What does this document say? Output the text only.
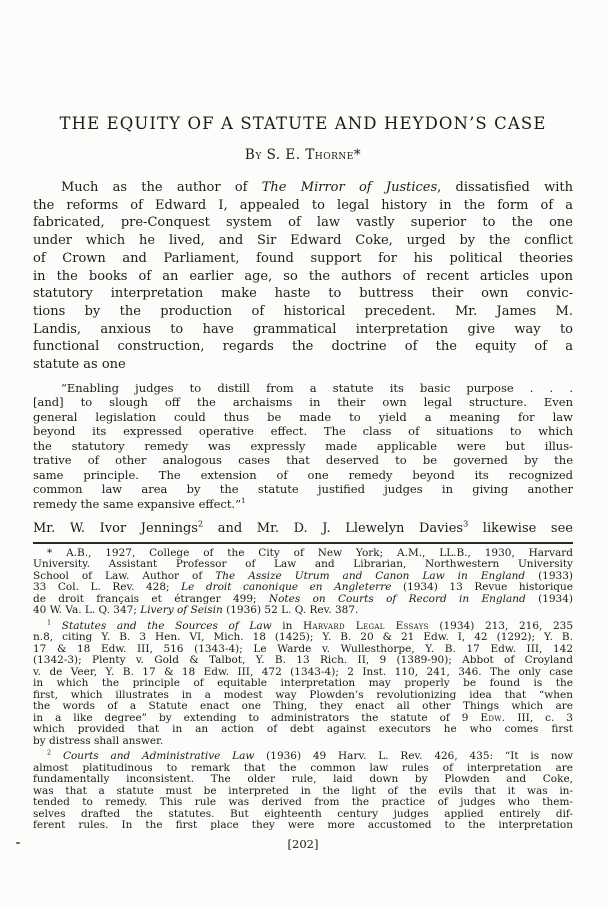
THE EQUITY OF A STATUTE AND HEYDON’S CASE
By S. E. Thorne*
Much as the author of The Mirror of Justices, dissatisfied with
the reforms of Edward I, appealed to legal history in the form of a
fabricated, pre-Conquest system of law vastly superior to the one
under which he lived, and Sir Edward Coke, urged by the conflict
of Crown and Parliament, found support for his political theories
in the books of an earlier age, so the authors of recent articles upon
statutory interpretation make haste to buttress their own convic-
tions by the production of historical precedent. Mr. James M.
Landis, anxious to have grammatical interpretation give way to
functional construction, regards the doctrine of the equity of a
statute as one
“Enabling judges to distill from a statute its basic purpose . . .
[and] to slough off the archaisms in their own legal structure. Even
general legislation could thus be made to yield a meaning for law
beyond its expressed operative effect. The class of situations to which
the statutory remedy was expressly made applicable were but illus-
trative of other analogous cases that deserved to be governed by the
same principle. The extension of one remedy beyond its recognized
common law area by the statute justified judges in giving another
remedy the same expansive effect.”$^1$
Mr. W. Ivor Jennings$^2$ and Mr. D. J. Llewelyn Davies$^3$ likewise see
* A.B., 1927, College of the City of New York; A.M., LL.B., 1930, Harvard
University. Assistant Professor of Law and Librarian, Northwestern University
School of Law. Author of The Assize Utrum and Canon Law in England (1933)
33 Col. L. Rev. 428; Le droit canonique en Angleterre (1934) 13 Revue historique
de droit français et étranger 499; Notes on Courts of Record in England (1934)
40 W. Va. L. Q. 347; Livery of Seisin (1936) 52 L. Q. Rev. 387.
$^1$ Statutes and the Sources of Law in Harvard Legal Essays (1934) 213, 216, 235
n.8, citing Y. B. 3 Hen. VI, Mich. 18 (1425); Y. B. 20 & 21 Edw. I, 42 (1292); Y. B.
17 & 18 Edw. III, 516 (1343-4); Le Warde v. Wullesthorpe, Y. B. 17 Edw. III, 142
(1342-3); Plenty v. Gold & Talbot, Y. B. 13 Rich. II, 9 (1389-90); Abbot of Croyland
v. de Veer, Y. B. 17 & 18 Edw. III, 472 (1343-4); 2 Inst. 110, 241, 346. The only case
in which the principle of equitable interpretation may properly be found is the
first, which illustrates in a modest way Plowden’s revolutionizing idea that “when
the words of a Statute enact one Thing, they enact all other Things which are
in a like degree” by extending to administrators the statute of 9 Edw. III, c. 3
which provided that in an action of debt against executors he who comes first
by distress shall answer.
$^2$ Courts and Administrative Law (1936) 49 Harv. L. Rev. 426, 435: “It is now
almost platitudinous to remark that the common law rules of interpretation are
fundamentally inconsistent. The older rule, laid down by Plowden and Coke,
was that a statute must be interpreted in the light of the evils that it was in-
tended to remedy. This rule was derived from the practice of judges who them-
selves drafted the statutes. But eighteenth century judges applied entirely dif-
ferent rules. In the first place they were more accustomed to the interpretation
[202]
